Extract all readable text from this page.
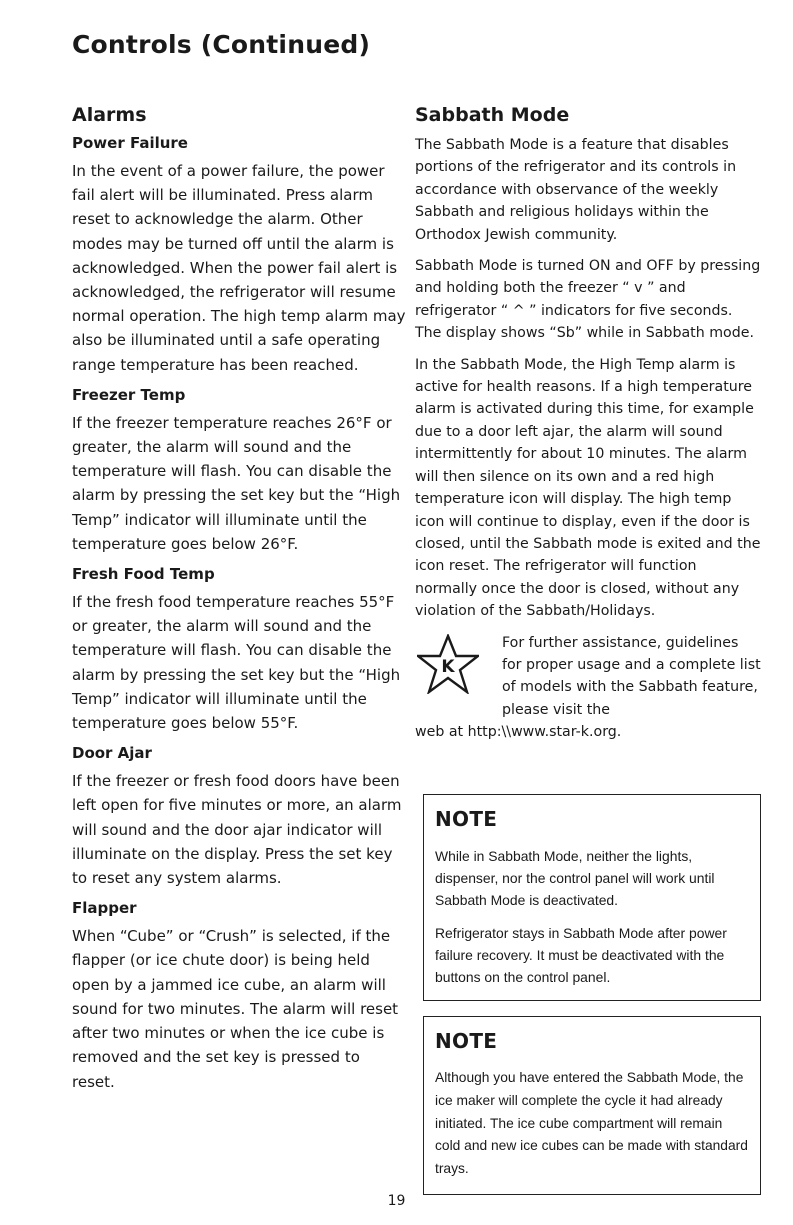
Controls (Continued)
Alarms
Power Failure

In the event of a power failure, the power fail alert will be illuminated. Press alarm reset to acknowledge the alarm. Other modes may be turned off until the alarm is acknowledged. When the power fail alert is acknowledged, the refrigerator will resume normal operation. The high temp alarm may also be illuminated until a safe operating range temperature has been reached.

Freezer Temp

If the freezer temperature reaches 26°F or greater, the alarm will sound and the temperature will flash. You can disable the alarm by pressing the set key but the “High Temp” indicator will illuminate until the temperature goes below 26°F.

Fresh Food Temp

If the fresh food temperature reaches 55°F or greater, the alarm will sound and the temperature will flash. You can disable the alarm by pressing the set key but the “High Temp” indicator will illuminate until the temperature goes below 55°F.

Door Ajar

If the freezer or fresh food doors have been left open for five minutes or more, an alarm will sound and the door ajar indicator will illuminate on the display. Press the set key to reset any system alarms.

Flapper

When “Cube” or “Crush” is selected, if the flapper (or ice chute door) is being held open by a jammed ice cube, an alarm will sound for two minutes. The alarm will reset after two minutes or when the ice cube is removed and the set key is pressed to reset.

Sabbath Mode

The Sabbath Mode is a feature that disables portions of the refrigerator and its controls in accordance with observance of the weekly Sabbath and religious holidays within the Orthodox Jewish community.

Sabbath Mode is turned ON and OFF by pressing and holding both the freezer “ v ” and refrigerator “ ^ ” indicators for five seconds. The display shows “Sb” while in Sabbath mode.

In the Sabbath Mode, the High Temp alarm is active for health reasons. If a high temperature alarm is activated during this time, for example due to a door left ajar, the alarm will sound intermittently for about 10 minutes. The alarm will then silence on its own and a red high temperature icon will display. The high temp icon will continue to display, even if the door is closed, until the Sabbath mode is exited and the icon reset. The refrigerator will function normally once the door is closed, without any violation of the Sabbath/Holidays.

K

For further assistance, guidelines for proper usage and a complete list of models with the Sabbath feature, please visit the

web at http:\\www.star-k.org.

NOTE

While in Sabbath Mode, neither the lights, dispenser, nor the control panel will work until Sabbath Mode is deactivated.

Refrigerator stays in Sabbath Mode after power failure recovery. It must be deactivated with the buttons on the control panel.

NOTE

Although you have entered the Sabbath Mode, the ice maker will complete the cycle it had already initiated. The ice cube compartment will remain cold and new ice cubes can be made with standard trays.

19
